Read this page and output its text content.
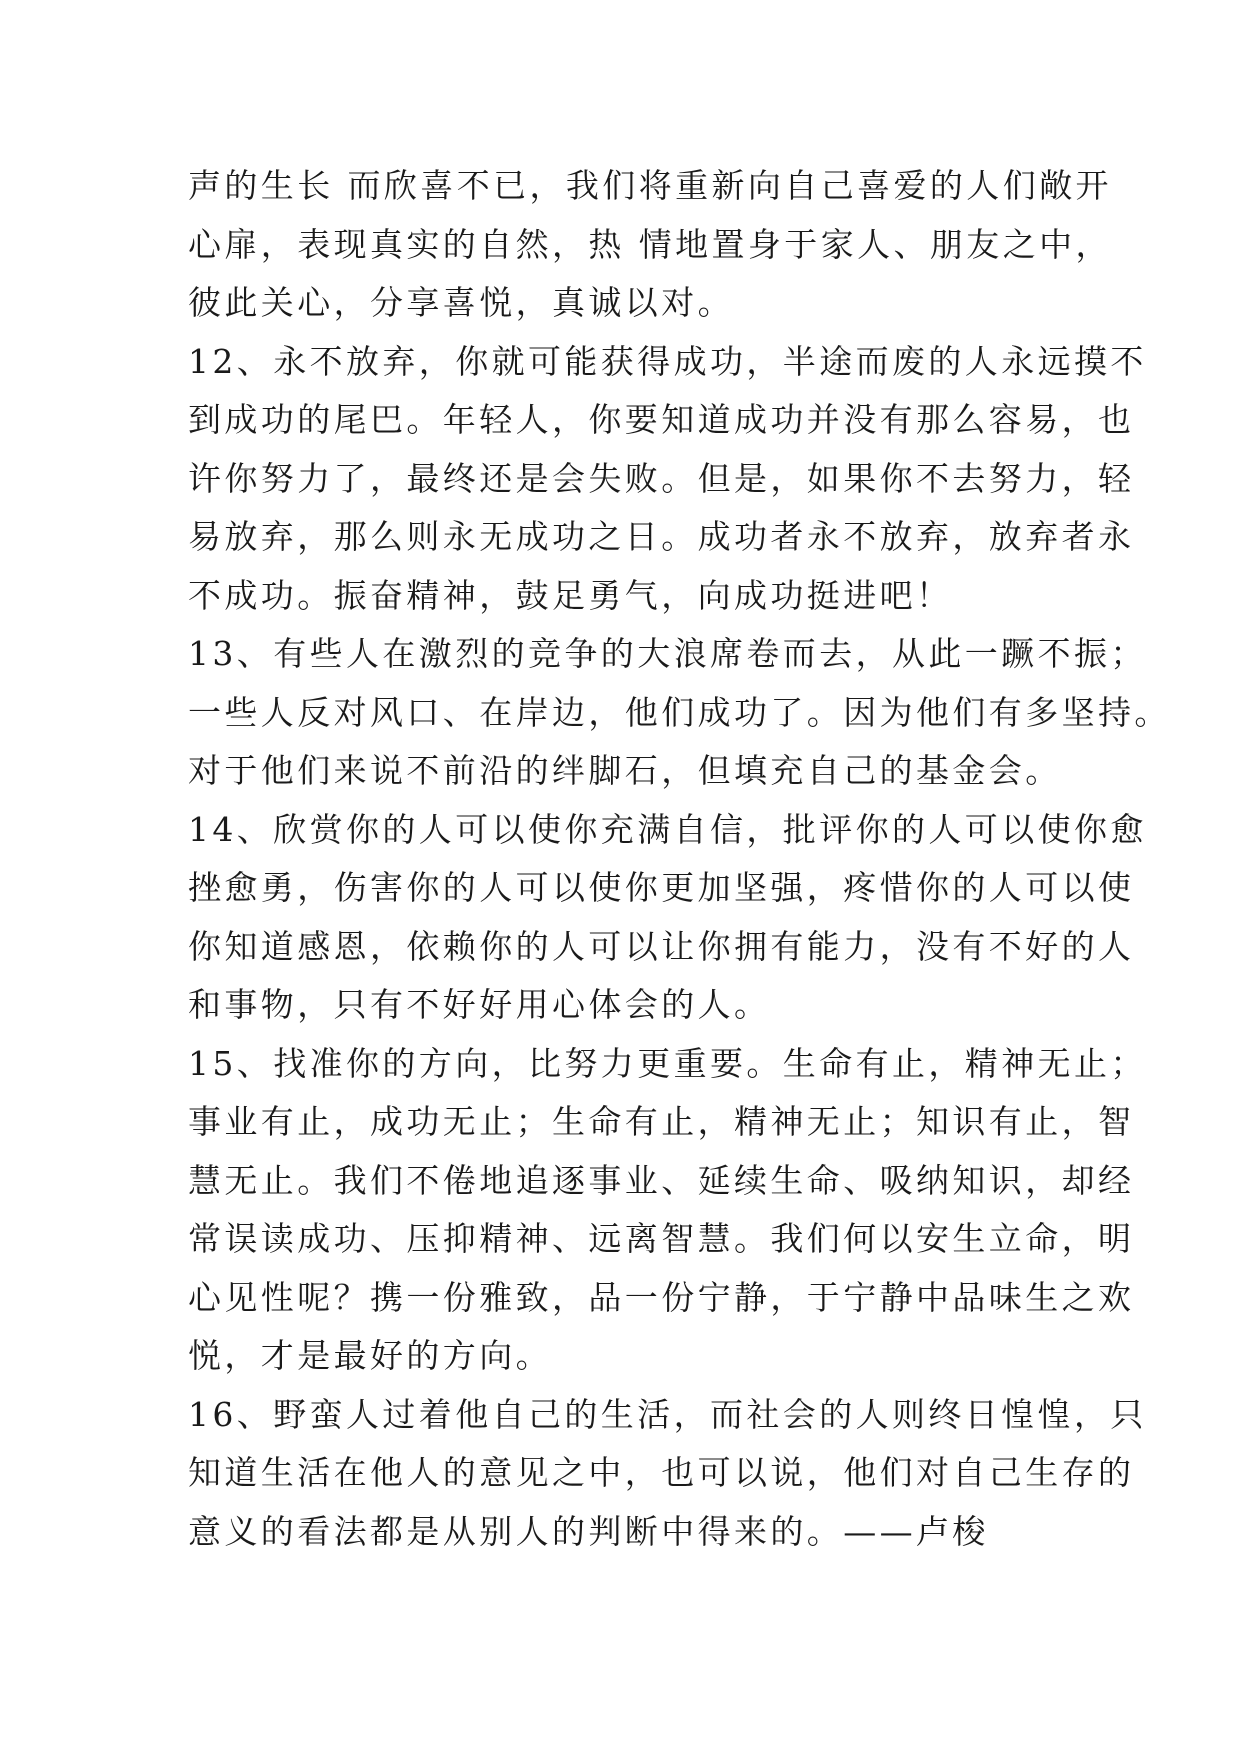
声的生长 而欣喜不已，我们将重新向自己喜爱的人们敞开
心扉，表现真实的自然，热 情地置身于家人、朋友之中，
彼此关心，分享喜悦，真诚以对。
12、永不放弃，你就可能获得成功，半途而废的人永远摸不
到成功的尾巴。年轻人，你要知道成功并没有那么容易，也
许你努力了，最终还是会失败。但是，如果你不去努力，轻
易放弃，那么则永无成功之日。成功者永不放弃，放弃者永
不成功。振奋精神，鼓足勇气，向成功挺进吧！
13、有些人在激烈的竞争的大浪席卷而去，从此一蹶不振；
一些人反对风口、在岸边，他们成功了。因为他们有多坚持。
对于他们来说不前沿的绊脚石，但填充自己的基金会。
14、欣赏你的人可以使你充满自信，批评你的人可以使你愈
挫愈勇，伤害你的人可以使你更加坚强，疼惜你的人可以使
你知道感恩，依赖你的人可以让你拥有能力，没有不好的人
和事物，只有不好好用心体会的人。
15、找准你的方向，比努力更重要。生命有止，精神无止；
事业有止，成功无止；生命有止，精神无止；知识有止，智
慧无止。我们不倦地追逐事业、延续生命、吸纳知识，却经
常误读成功、压抑精神、远离智慧。我们何以安生立命，明
心见性呢？携一份雅致，品一份宁静，于宁静中品味生之欢
悦，才是最好的方向。
16、野蛮人过着他自己的生活，而社会的人则终日惶惶，只
知道生活在他人的意见之中，也可以说，他们对自己生存的
意义的看法都是从别人的判断中得来的。——卢梭
